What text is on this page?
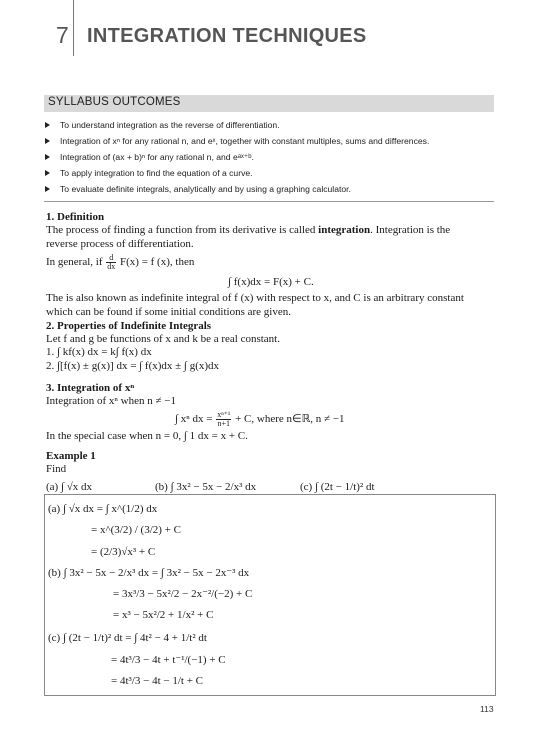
7 INTEGRATION TECHNIQUES
SYLLABUS OUTCOMES
To understand integration as the reverse of differentiation.
Integration of xⁿ for any rational n, and eˣ, together with constant multiples, sums and differences.
Integration of (ax + b)ⁿ for any rational n, and eᵃˣ⁺ᵇ.
To apply integration to find the equation of a curve.
To evaluate definite integrals, analytically and by using a graphing calculator.
1. Definition
The process of finding a function from its derivative is called integration. Integration is the
reverse process of differentiation.
In general, if $\frac{d}{dx} F(x) = f$ (x), then
∫ f(x)dx = F(x) + C.
The is also known as indefinite integral of f (x) with respect to x, and C is an arbitrary constant
which can be found if some initial conditions are given.
2. Properties of Indefinite Integrals
Let f and g be functions of x and k be a real constant.
1. ∫ kf(x) dx = k∫ f(x) dx
2. ∫[f(x) ± g(x)] dx = ∫ f(x)dx ± ∫ g(x)dx
3. Integration of xⁿ
Integration of xⁿ when n ≠ −1
∫ xⁿ dx = $\frac{\text{xⁿ⁺¹}}{n+1} + C$, where n∈ℝ, n ≠ −1
In the special case when n = 0, ∫ 1 dx = x + C.
Example 1
Find
(a) ∫ √x dx	(b) ∫ 3x² − 5x − 2/x³ dx	(c) ∫ (2t − 1/t)² dt
(a) ∫ √x dx = ∫ x^(1/2) dx
= x^(3/2) / (3/2) + C
= (2/3)√x³ + C
(b) ∫ 3x² − 5x − 2/x³ dx = ∫ 3x² − 5x − 2x⁻³ dx
= 3x³/3 − 5x²/2 − 2x⁻²/(−2) + C
= x³ − 5x²/2 + 1/x² + C
(c) ∫ (2t − 1/t)² dt = ∫ 4t² − 4 + 1/t² dt
= 4t³/3 − 4t + t⁻¹/(−1) + C
= 4t³/3 − 4t − 1/t + C
113
